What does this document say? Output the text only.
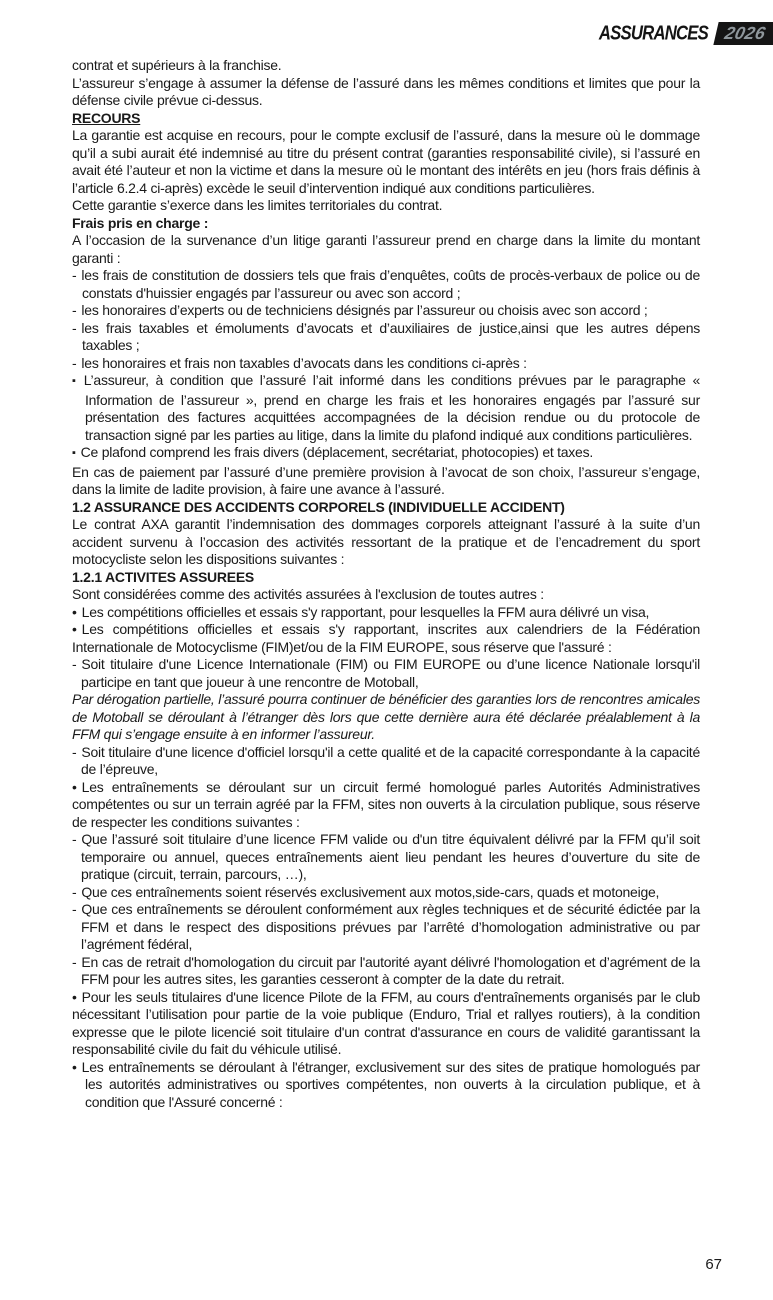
ASSURANCES 2026

contrat et supérieurs à la franchise.

L’assureur s’engage à assumer la défense de l’assuré dans les mêmes conditions et limites que pour la défense civile prévue ci-dessus.

RECOURS

La garantie est acquise en recours, pour le compte exclusif de l’assuré, dans la mesure où le dommage qu’il a subi aurait été indemnisé au titre du présent contrat (garanties responsabilité civile), si l’assuré en avait été l’auteur et non la victime et dans la mesure où le montant des intérêts en jeu (hors frais définis à l’article 6.2.4 ci-après) excède le seuil d’intervention indiqué aux conditions particulières.

Cette garantie s’exerce dans les limites territoriales du contrat.

Frais pris en charge :

A l’occasion de la survenance d’un litige garanti l’assureur prend en charge dans la limite du montant garanti :

- les frais de constitution de dossiers tels que frais d’enquêtes, coûts de procès-verbaux de police ou de constats d'huissier engagés par l’assureur ou avec son accord ;

- les honoraires d’experts ou de techniciens désignés par l’assureur ou choisis avec son accord ;

- les frais taxables et émoluments d’avocats et d’auxiliaires de justice,ainsi que les autres dépens taxables ;

- les honoraires et frais non taxables d’avocats dans les conditions ci-après :

▪ L’assureur, à condition que l’assuré l’ait informé dans les conditions prévues par le paragraphe « Information de l’assureur », prend en charge les frais et les honoraires engagés par l’assuré sur présentation des factures acquittées accompagnées de la décision rendue ou du protocole de transaction signé par les parties au litige, dans la limite du plafond indiqué aux conditions particulières.

▪ Ce plafond comprend les frais divers (déplacement, secrétariat, photocopies) et taxes.

En cas de paiement par l’assuré d’une première provision à l’avocat de son choix, l’assureur s’engage, dans la limite de ladite provision, à faire une avance à l’assuré.

1.2 ASSURANCE DES ACCIDENTS CORPORELS (INDIVIDUELLE ACCIDENT)

Le contrat AXA garantit l’indemnisation des dommages corporels atteignant l’assuré à la suite d’un accident survenu à l’occasion des activités ressortant de la pratique et de l’encadrement du sport motocycliste selon les dispositions suivantes :

1.2.1 ACTIVITES ASSUREES

Sont considérées comme des activités assurées à l'exclusion de toutes autres :

• Les compétitions officielles et essais s'y rapportant, pour lesquelles la FFM aura délivré un visa,

• Les compétitions officielles et essais s'y rapportant, inscrites aux calendriers de la Fédération Internationale de Motocyclisme (FIM)et/ou de la FIM EUROPE, sous réserve que l'assuré :

- Soit titulaire d'une Licence Internationale (FIM) ou FIM EUROPE ou d’une licence Nationale lorsqu'il participe en tant que joueur à une rencontre de Motoball,

Par dérogation partielle, l’assuré pourra continuer de bénéficier des garanties lors de rencontres amicales de Motoball se déroulant à l’étranger dès lors que cette dernière aura été déclarée préalablement à la FFM qui s’engage ensuite à en informer l’assureur.

- Soit titulaire d'une licence d'officiel lorsqu'il a cette qualité et de la capacité correspondante à la capacité de l’épreuve,

• Les entraînements se déroulant sur un circuit fermé homologué parles Autorités Administratives compétentes ou sur un terrain agréé par la FFM, sites non ouverts à la circulation publique, sous réserve de respecter les conditions suivantes :

- Que l’assuré soit titulaire d’une licence FFM valide ou d'un titre équivalent délivré par la FFM qu’il soit temporaire ou annuel, queces entraînements aient lieu pendant les heures d’ouverture du site de pratique (circuit, terrain, parcours, …),

- Que ces entraînements soient réservés exclusivement aux motos,side-cars, quads et motoneige,

- Que ces entraînements se déroulent conformément aux règles techniques et de sécurité édictée par la FFM et dans le respect des dispositions prévues par l’arrêté d’homologation administrative ou par l’agrément fédéral,

- En cas de retrait d'homologation du circuit par l'autorité ayant délivré l'homologation et d’agrément de la FFM pour les autres sites, les garanties cesseront à compter de la date du retrait.

• Pour les seuls titulaires d'une licence Pilote de la FFM, au cours d'entraînements organisés par le club nécessitant l’utilisation pour partie de la voie publique (Enduro, Trial et rallyes routiers), à la condition expresse que le pilote licencié soit titulaire d'un contrat d'assurance en cours de validité garantissant la responsabilité civile du fait du véhicule utilisé.

• Les entraînements se déroulant à l'étranger, exclusivement sur des sites de pratique homologués par les autorités administratives ou sportives compétentes, non ouverts à la circulation publique, et à condition que l'Assuré concerné :

67
